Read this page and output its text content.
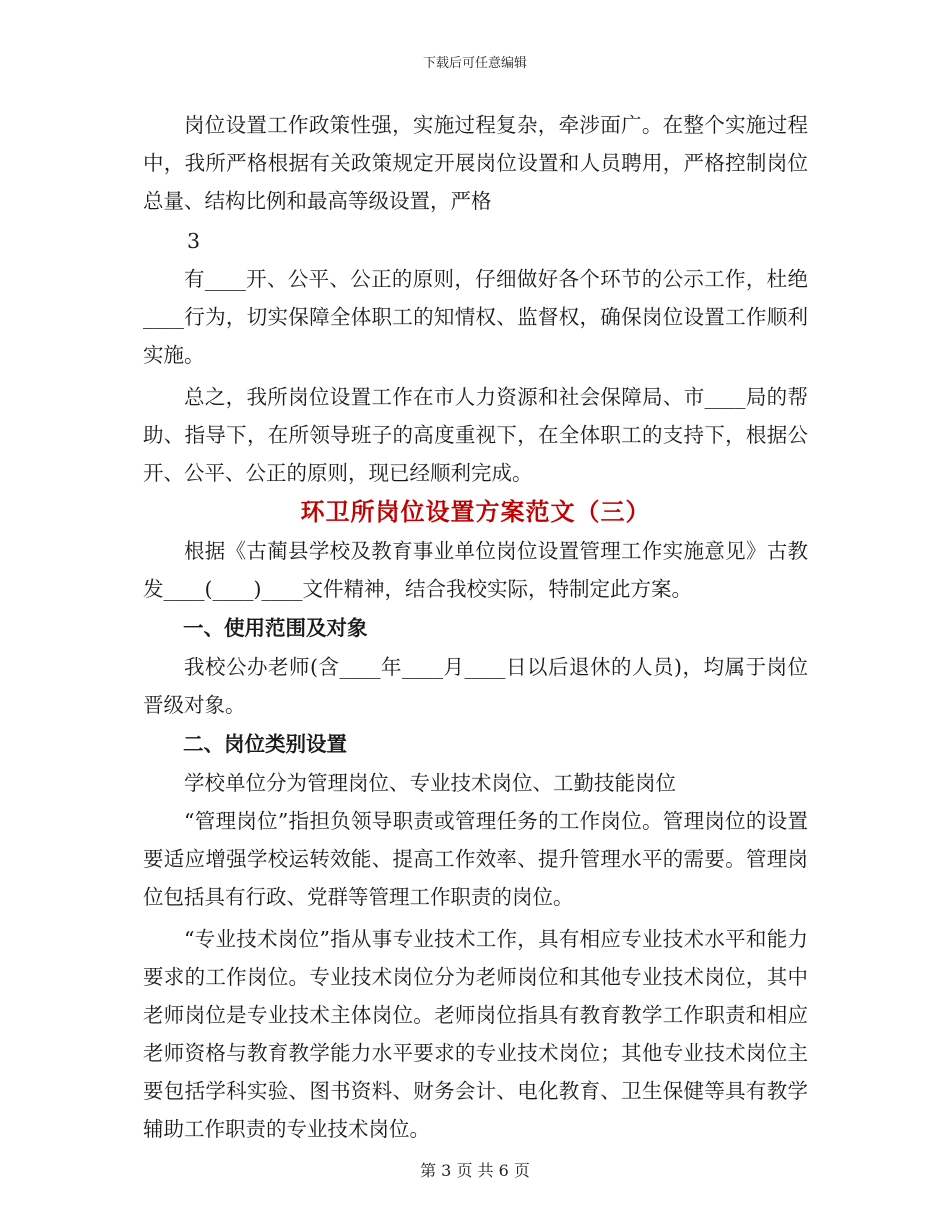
下载后可任意编辑

岗位设置工作政策性强，实施过程复杂，牵涉面广。在整个实施过程中，我所严格根据有关政策规定开展岗位设置和人员聘用，严格控制岗位总量、结构比例和最高等级设置，严格

3

有____开、公平、公正的原则，仔细做好各个环节的公示工作，杜绝____行为，切实保障全体职工的知情权、监督权，确保岗位设置工作顺利实施。

总之，我所岗位设置工作在市人力资源和社会保障局、市____局的帮助、指导下，在所领导班子的高度重视下，在全体职工的支持下，根据公开、公平、公正的原则，现已经顺利完成。

环卫所岗位设置方案范文（三）

根据《古蔺县学校及教育事业单位岗位设置管理工作实施意见》古教发____(____)____文件精神，结合我校实际，特制定此方案。

一、使用范围及对象

我校公办老师(含____年____月____日以后退休的人员)，均属于岗位晋级对象。

二、岗位类别设置

学校单位分为管理岗位、专业技术岗位、工勤技能岗位

“管理岗位”指担负领导职责或管理任务的工作岗位。管理岗位的设置要适应增强学校运转效能、提高工作效率、提升管理水平的需要。管理岗位包括具有行政、党群等管理工作职责的岗位。

“专业技术岗位”指从事专业技术工作，具有相应专业技术水平和能力要求的工作岗位。专业技术岗位分为老师岗位和其他专业技术岗位，其中老师岗位是专业技术主体岗位。老师岗位指具有教育教学工作职责和相应老师资格与教育教学能力水平要求的专业技术岗位；其他专业技术岗位主要包括学科实验、图书资料、财务会计、电化教育、卫生保健等具有教学辅助工作职责的专业技术岗位。

第 3 页 共 6 页
